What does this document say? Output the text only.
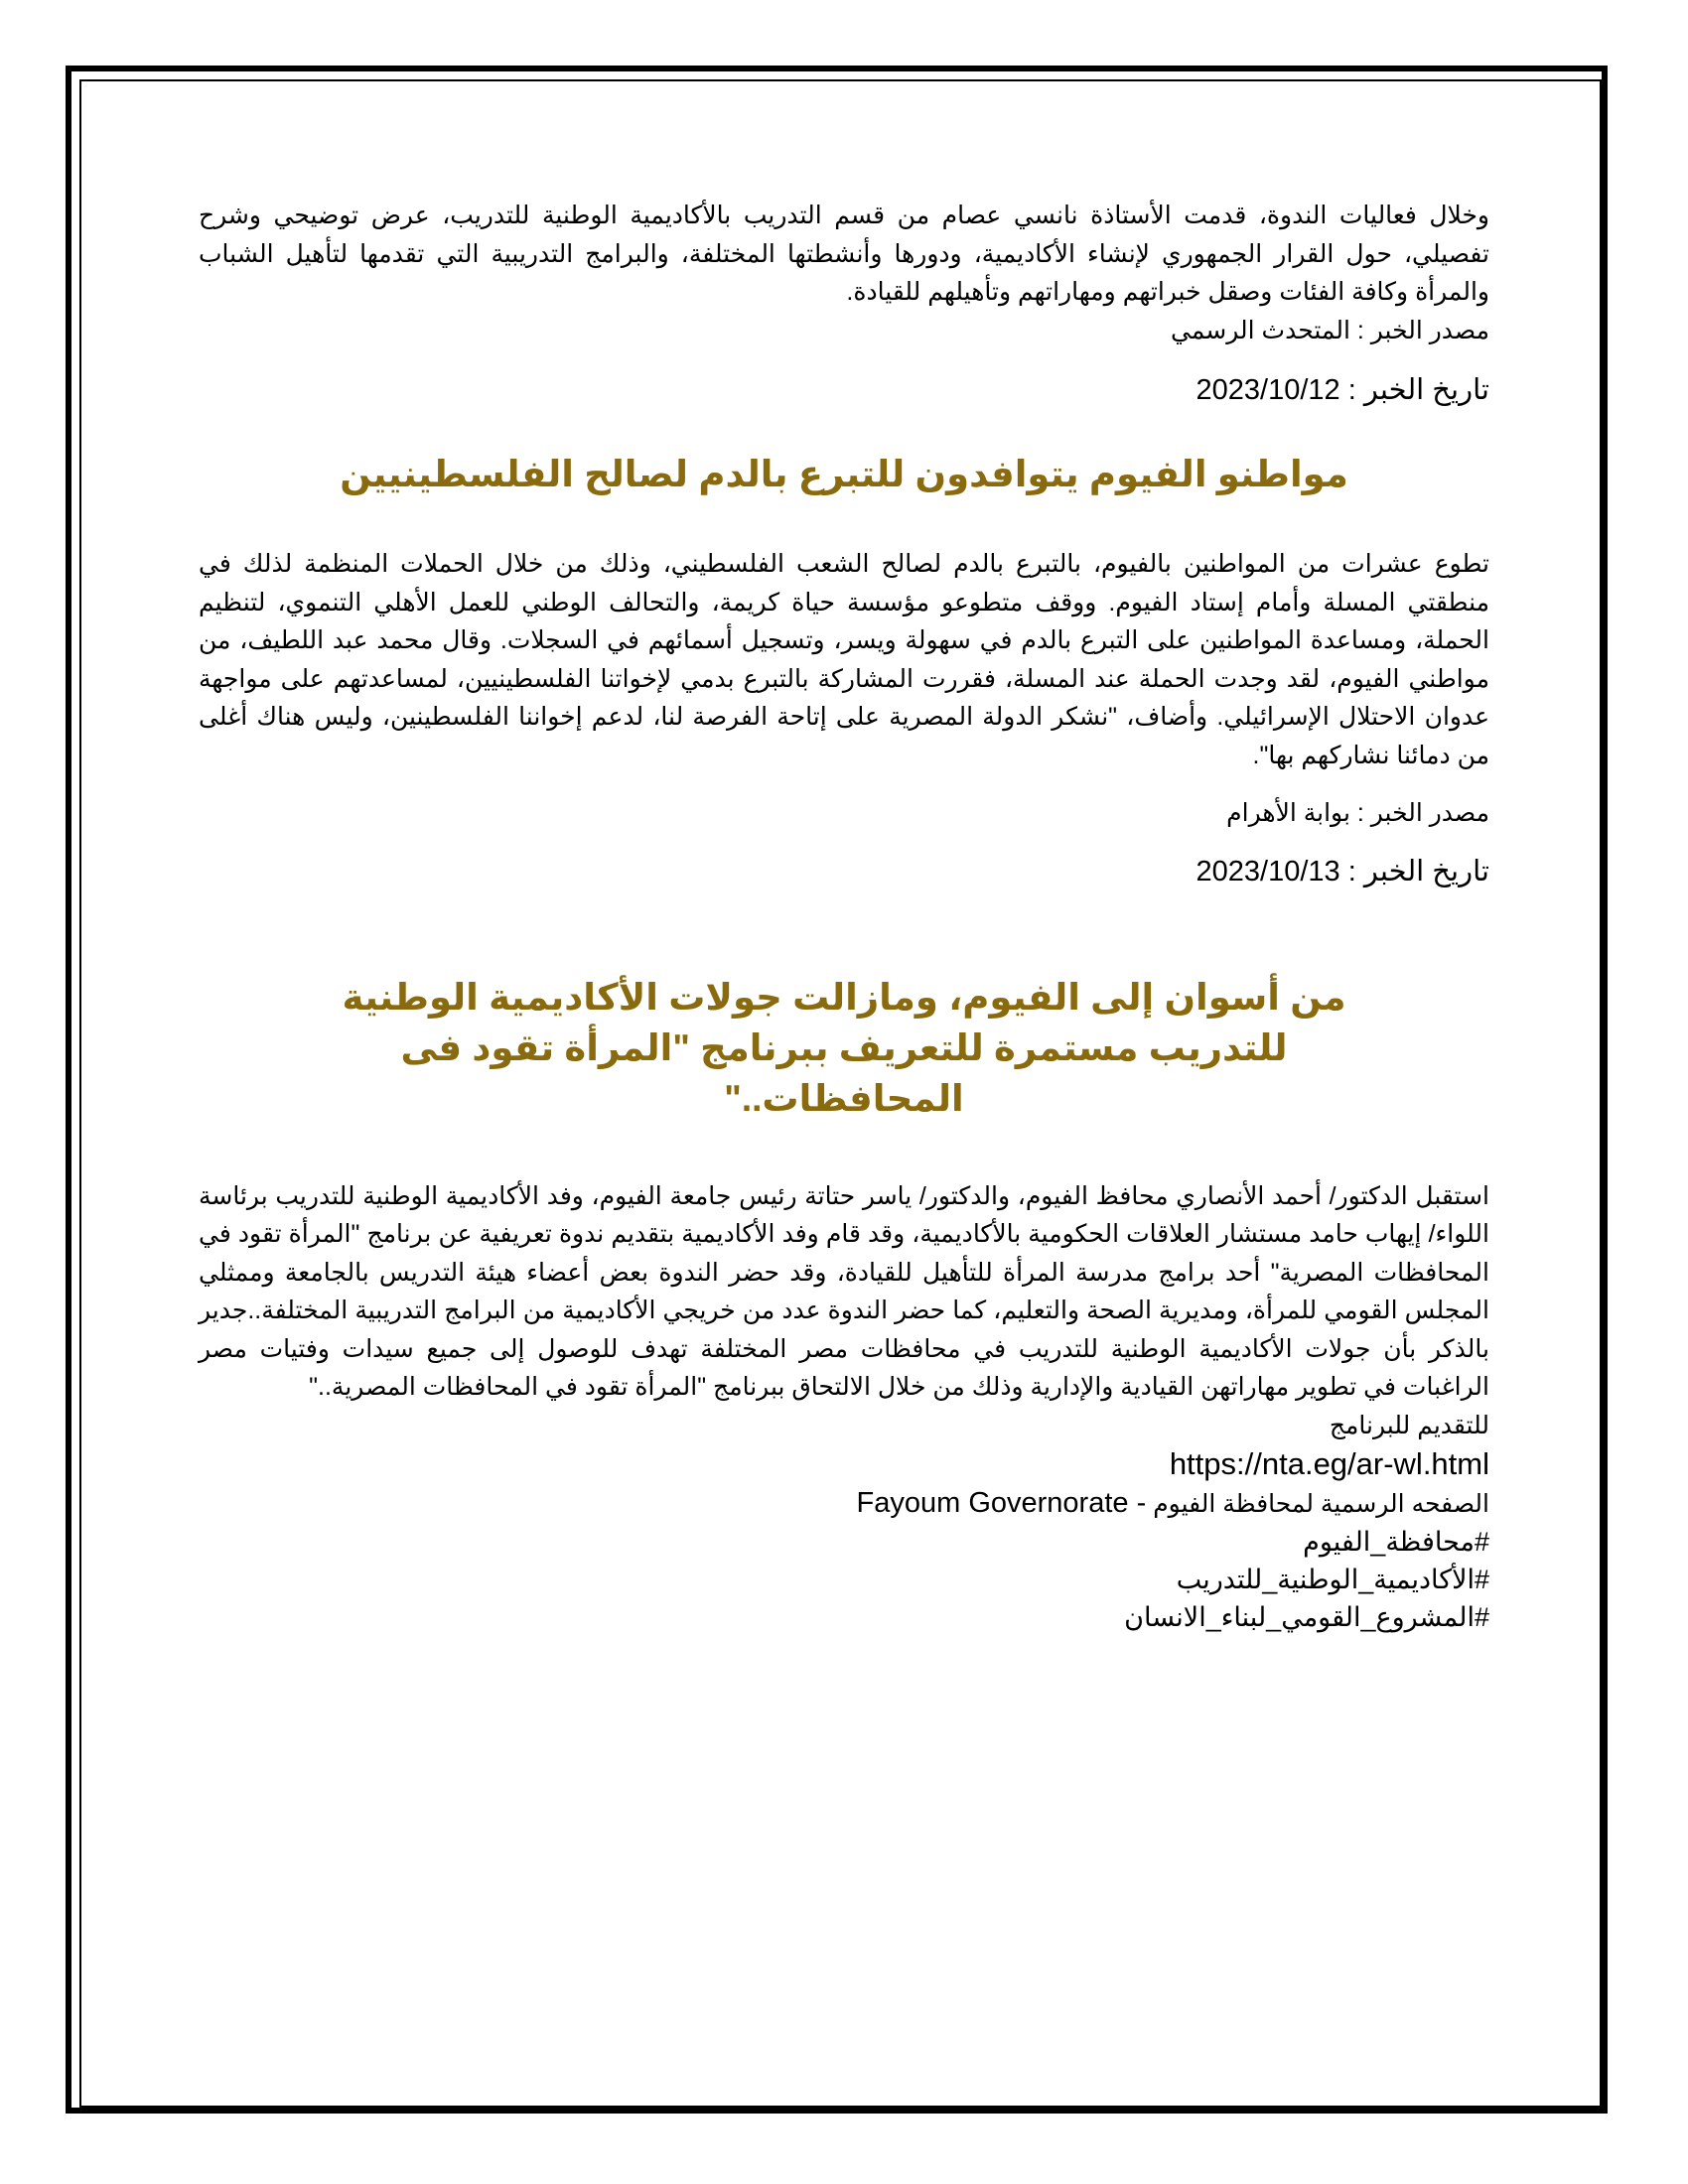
وخلال فعاليات الندوة، قدمت الأستاذة نانسي عصام من قسم التدريب بالأكاديمية الوطنية للتدريب، عرض توضيحي وشرح تفصيلي، حول القرار الجمهوري لإنشاء الأكاديمية، ودورها وأنشطتها المختلفة، والبرامج التدريبية التي تقدمها لتأهيل الشباب والمرأة وكافة الفئات وصقل خبراتهم ومهاراتهم وتأهيلهم للقيادة.

مصدر الخبر : المتحدث الرسمي

تاريخ الخبر : 2023/10/12

مواطنو الفيوم يتوافدون للتبرع بالدم لصالح الفلسطينيين

تطوع عشرات من المواطنين بالفيوم، بالتبرع بالدم لصالح الشعب الفلسطيني، وذلك من خلال الحملات المنظمة لذلك في منطقتي المسلة وأمام إستاد الفيوم. ووقف متطوعو مؤسسة حياة كريمة، والتحالف الوطني للعمل الأهلي التنموي، لتنظيم الحملة، ومساعدة المواطنين على التبرع بالدم في سهولة ويسر، وتسجيل أسمائهم في السجلات. وقال محمد عبد اللطيف، من مواطني الفيوم، لقد وجدت الحملة عند المسلة، فقررت المشاركة بالتبرع بدمي لإخواتنا الفلسطينيين، لمساعدتهم على مواجهة عدوان الاحتلال الإسرائيلي. وأضاف، "نشكر الدولة المصرية على إتاحة الفرصة لنا، لدعم إخواننا الفلسطينين، وليس هناك أغلى من دمائنا نشاركهم بها".

مصدر الخبر : بوابة الأهرام

تاريخ الخبر : 2023/10/13

من أسوان إلى الفيوم، ومازالت جولات الأكاديمية الوطنية للتدريب مستمرة للتعريف ببرنامج "المرأة تقود فى المحافظات.."

استقبل الدكتور/ أحمد الأنصاري محافظ الفيوم، والدكتور/ ياسر حتاتة رئيس جامعة الفيوم، وفد الأكاديمية الوطنية للتدريب برئاسة اللواء/ إيهاب حامد مستشار العلاقات الحكومية بالأكاديمية، وقد قام وفد الأكاديمية بتقديم ندوة تعريفية عن برنامج "المرأة تقود في المحافظات المصرية" أحد برامج مدرسة المرأة للتأهيل للقيادة، وقد حضر الندوة بعض أعضاء هيئة التدريس بالجامعة وممثلي المجلس القومي للمرأة، ومديرية الصحة والتعليم، كما حضر الندوة عدد من خريجي الأكاديمية من البرامج التدريبية المختلفة..جدير بالذكر بأن جولات الأكاديمية الوطنية للتدريب في محافظات مصر المختلفة تهدف للوصول إلى جميع سيدات وفتيات مصر الراغبات في تطوير مهاراتهن القيادية والإدارية وذلك من خلال الالتحاق ببرنامج "المرأة تقود في المحافظات المصرية.."

للتقديم للبرنامج

https://nta.eg/ar-wl.html

الصفحه الرسمية لمحافظة الفيوم Fayoum Governorate -

#محافظة_الفيوم

#الأكاديمية_الوطنية_للتدريب

#المشروع_القومي_لبناء_الانسان
